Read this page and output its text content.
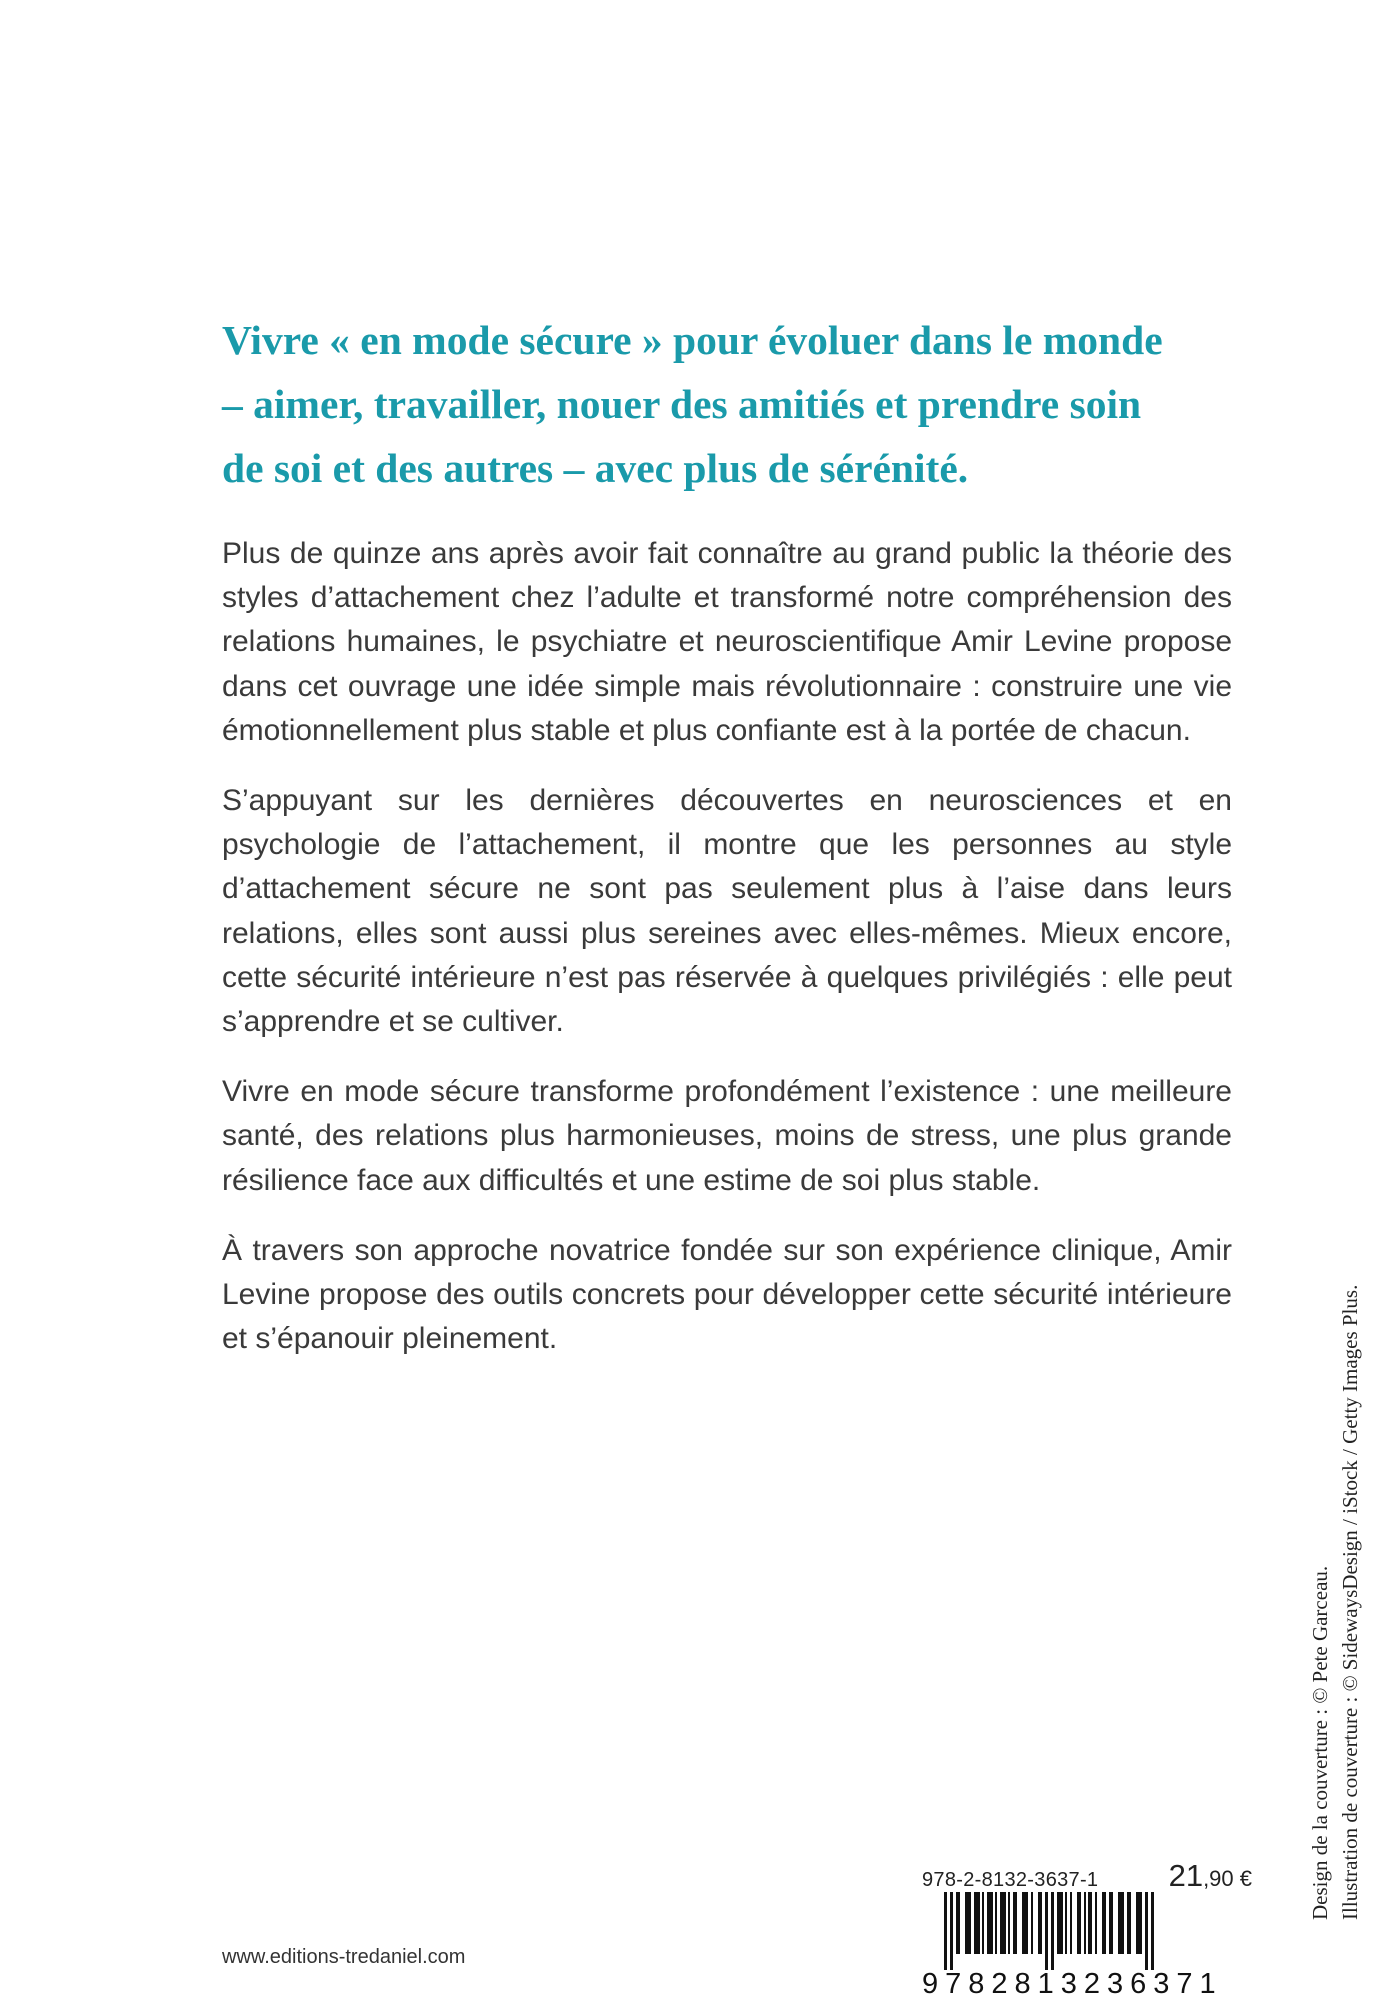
Vivre « en mode sécure » pour évoluer dans le monde
– aimer, travailler, nouer des amitiés et prendre soin
de soi et des autres – avec plus de sérénité.

Plus de quinze ans après avoir fait connaître au grand public la théorie des styles d’attachement chez l’adulte et transformé notre compréhension des relations humaines, le psychiatre et neuroscientifique Amir Levine propose dans cet ouvrage une idée simple mais révolutionnaire : construire une vie émotionnellement plus stable et plus confiante est à la portée de chacun.

S’appuyant sur les dernières découvertes en neurosciences et en psychologie de l’attachement, il montre que les personnes au style d’attachement sécure ne sont pas seulement plus à l’aise dans leurs relations, elles sont aussi plus sereines avec elles-mêmes. Mieux encore, cette sécurité intérieure n’est pas réservée à quelques privilégiés : elle peut s’apprendre et se cultiver.

Vivre en mode sécure transforme profondément l’existence : une meilleure santé, des relations plus harmonieuses, moins de stress, une plus grande résilience face aux difficultés et une estime de soi plus stable.

À travers son approche novatrice fondée sur son expérience clinique, Amir Levine propose des outils concrets pour développer cette sécurité intérieure et s’épanouir pleinement.

Design de la couverture : © Pete Garceau. Illustration de couverture : © SidewaysDesign / iStock / Getty Images Plus.
978-2-8132-3637-1 21,90 €
9782813236371
www.editions-tredaniel.com
